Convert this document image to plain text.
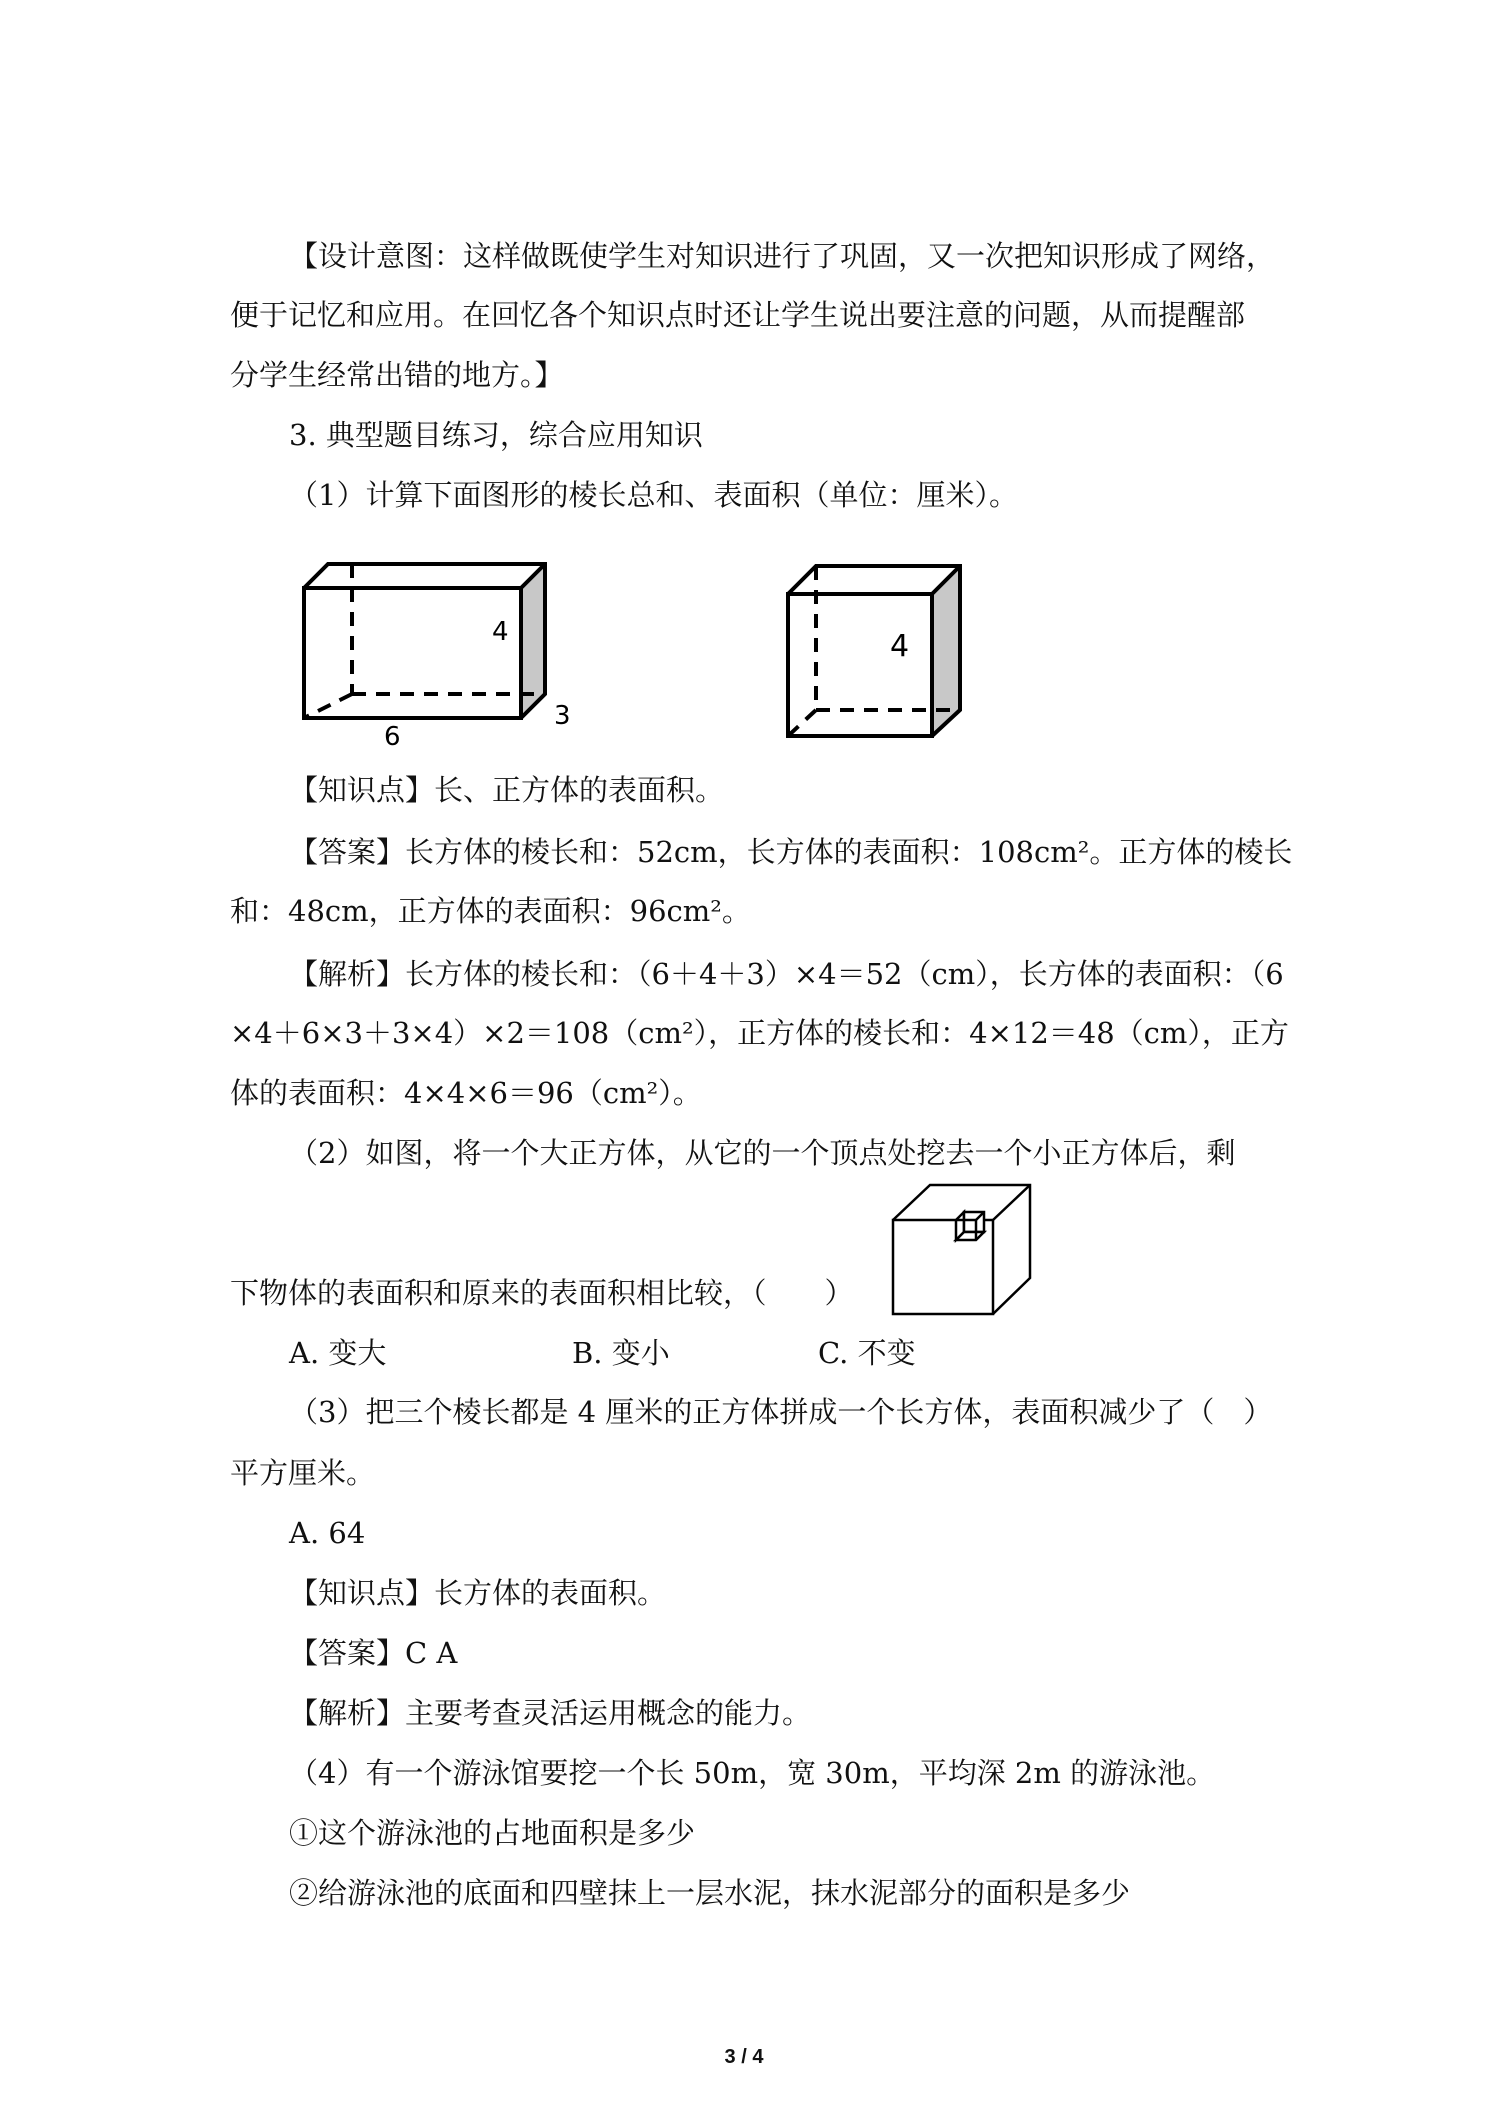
【设计意图：这样做既使学生对知识进行了巩固，又一次把知识形成了网络，
便于记忆和应用。在回忆各个知识点时还让学生说出要注意的问题，从而提醒部
分学生经常出错的地方。】
3. 典型题目练习，综合应用知识
（1）计算下面图形的棱长总和、表面积（单位：厘米）。
4
3
6
4
【知识点】长、正方体的表面积。
【答案】长方体的棱长和：52cm，长方体的表面积：108cm²。正方体的棱长
和：48cm，正方体的表面积：96cm²。
【解析】长方体的棱长和：（6＋4＋3）×4＝52（cm），长方体的表面积：（6
×4＋6×3＋3×4）×2＝108（cm²），正方体的棱长和：4×12＝48（cm），正方
体的表面积：4×4×6＝96（cm²）。
（2）如图，将一个大正方体，从它的一个顶点处挖去一个小正方体后，剩
下物体的表面积和原来的表面积相比较，（　　）
A. 变大	B. 变小	C. 不变
（3）把三个棱长都是 4 厘米的正方体拼成一个长方体，表面积减少了（　）
平方厘米。
A. 64
【知识点】长方体的表面积。
【答案】C A
【解析】主要考查灵活运用概念的能力。
（4）有一个游泳馆要挖一个长 50m，宽 30m，平均深 2m 的游泳池。
①这个游泳池的占地面积是多少
②给游泳池的底面和四壁抹上一层水泥，抹水泥部分的面积是多少
3 / 4
